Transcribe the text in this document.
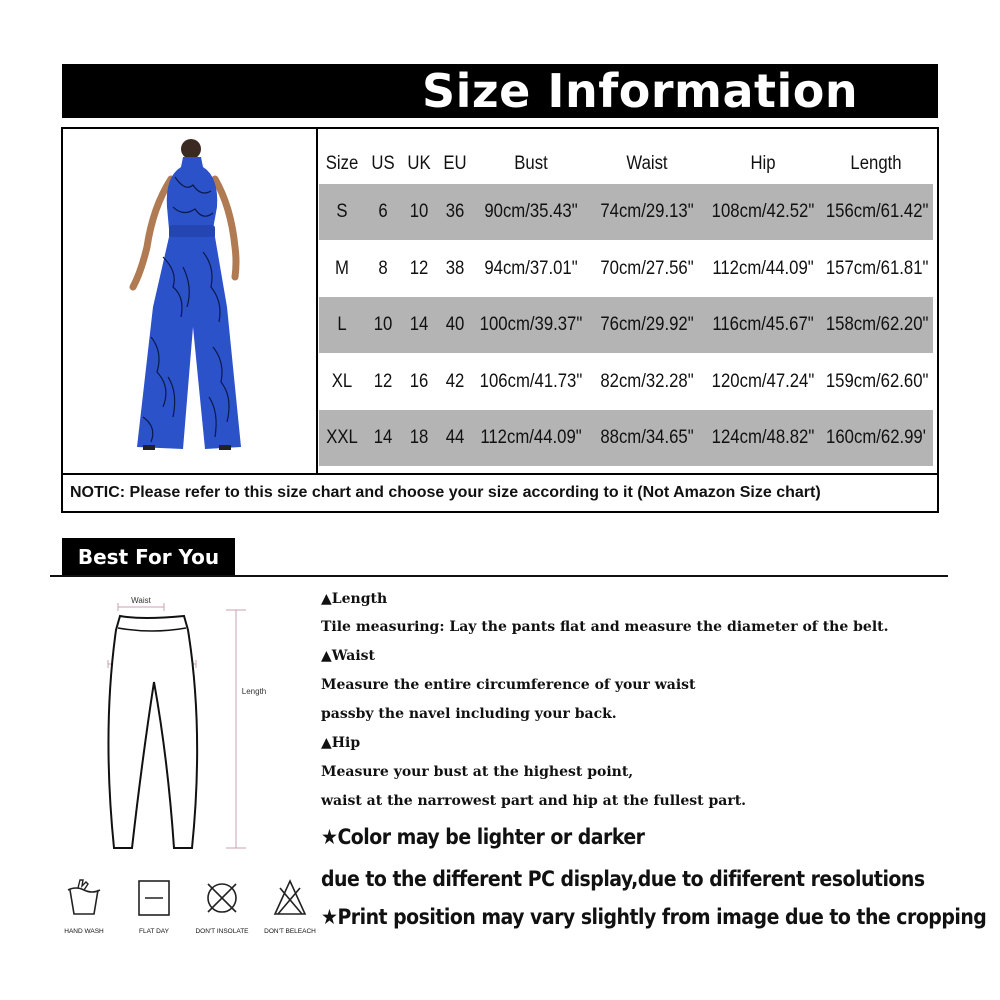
Size Information
NOTIC: Please refer to this size chart and choose your size according to it (Not Amazon Size chart)
Size US UK EU	Bust	Waist	Hip	Length
S	6	10 36	90cm/35.43"	74cm/29.13" 108cm/42.52" 156cm/61.42"
M	8	12 38	94cm/37.01"	70cm/27.56" 112cm/44.09" 157cm/61.81"
L	10 14 40 100cm/39.37" 76cm/29.92" 116cm/45.67" 158cm/62.20"
XL	12 16 42 106cm/41.73" 82cm/32.28" 120cm/47.24" 159cm/62.60"
XXL 14 18 44 112cm/44.09" 88cm/34.65" 124cm/48.82" 160cm/62.99'
Best For You
Waist
Length
HAND WASH	FLAT DAY	DON'T INSOLATE	DON'T BELEACH
▲Length
Tile measuring: Lay the pants flat and measure the diameter of the belt.
▲Waist
Measure the entire circumference of your waist
passby the navel including your back.
▲Hip
Measure your bust at the highest point,
waist at the narrowest part and hip at the fullest part.
★Color may be lighter or darker
due to the different PC display,due to dififerent resolutions
★Print position may vary slightly from image due to the cropping
